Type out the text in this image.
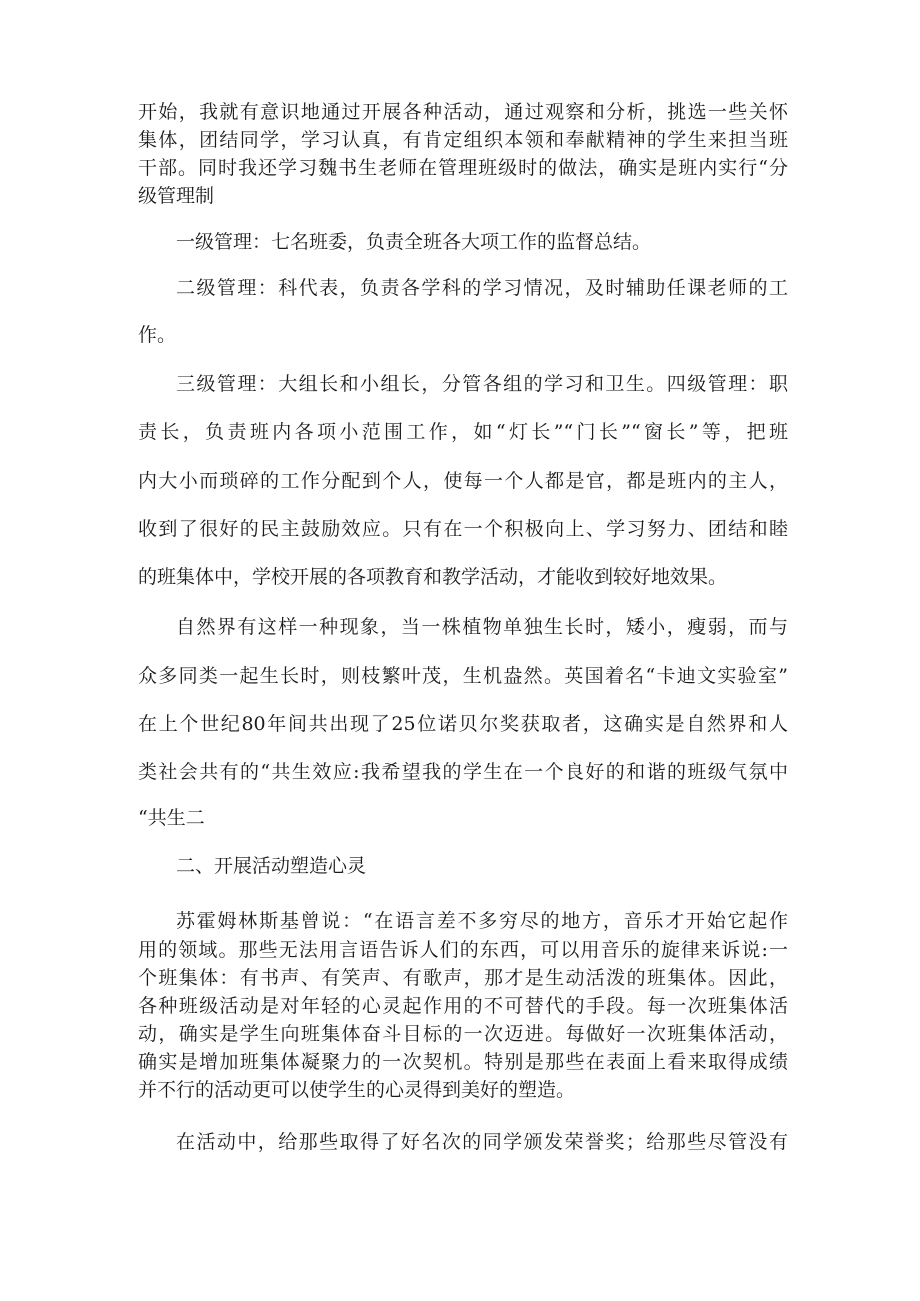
开始，我就有意识地通过开展各种活动，通过观察和分析，挑选一些关怀
集体，团结同学，学习认真，有肯定组织本领和奉献精神的学生来担当班
干部。同时我还学习魏书生老师在管理班级时的做法，确实是班内实行“分
级管理制
一级管理：七名班委，负责全班各大项工作的监督总结。
二级管理：科代表，负责各学科的学习情况，及时辅助任课老师的工
作。
三级管理：大组长和小组长，分管各组的学习和卫生。四级管理：职
责长，负责班内各项小范围工作，如“灯长”“门长”“窗长”等，把班
内大小而琐碎的工作分配到个人，使每一个人都是官，都是班内的主人，
收到了很好的民主鼓励效应。只有在一个积极向上、学习努力、团结和睦
的班集体中，学校开展的各项教育和教学活动，才能收到较好地效果。
自然界有这样一种现象，当一株植物单独生长时，矮小，瘦弱，而与
众多同类一起生长时，则枝繁叶茂，生机盎然。英国着名“卡迪文实验室”
在上个世纪80年间共出现了25位诺贝尔奖获取者，这确实是自然界和人
类社会共有的“共生效应:我希望我的学生在一个良好的和谐的班级气氛中
“共生二
二、开展活动塑造心灵
苏霍姆林斯基曾说：“在语言差不多穷尽的地方，音乐才开始它起作
用的领域。那些无法用言语告诉人们的东西，可以用音乐的旋律来诉说:一
个班集体：有书声、有笑声、有歌声，那才是生动活泼的班集体。因此，
各种班级活动是对年轻的心灵起作用的不可替代的手段。每一次班集体活
动，确实是学生向班集体奋斗目标的一次迈进。每做好一次班集体活动，
确实是增加班集体凝聚力的一次契机。特别是那些在表面上看来取得成绩
并不行的活动更可以使学生的心灵得到美好的塑造。
在活动中，给那些取得了好名次的同学颁发荣誉奖；给那些尽管没有
